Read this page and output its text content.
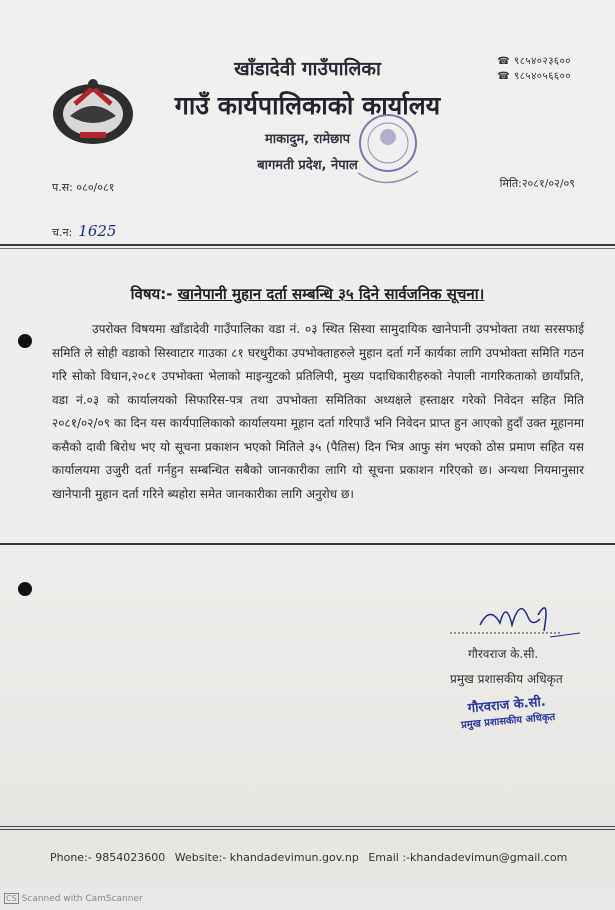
खाँडादेवी गाउँपालिका
गाउँ कार्यपालिकाको कार्यालय
माकादुम, रामेछाप
बागमती प्रदेश, नेपाल
☎ ९८५४०२३६००
☎ ९८५४०५६६००
प.स: ०८०/०८१	मिति:२०८१/०२/०९
च.न: 1625
विषय:- खानेपानी मुहान दर्ता सम्बन्धि ३५ दिने सार्वजनिक सूचना।
उपरोक्त विषयमा खाँडादेवी गाउँपालिका वडा नं. ०३ स्थित सिस्वा सामुदायिक खानेपानी उपभोक्ता तथा सरसफाई समिति ले सोही वडाको सिस्वाटार गाउका ८१ घरधुरीका उपभोक्ताहरुले मुहान दर्ता गर्ने कार्यका लागि उपभोक्ता समिति गठन गरि सोको विधान,२०८१ उपभोक्ता भेलाको माइन्युटको प्रतिलिपी, मुख्य पदाधिकारीहरुको नेपाली नागरिकताको छायाँप्रति, वडा नं.०३ को कार्यालयको सिफारिस-पत्र तथा उपभोक्ता समितिका अध्यक्षले हस्ताक्षर गरेको निवेदन सहित मिति २०८१/०२/०९ का दिन यस कार्यपालिकाको कार्यालयमा मूहान दर्ता गरिपाउँ भनि निवेदन प्राप्त हुन आएको हुदाँ उक्त मूहानमा कसैको दावी बिरोध भए यो सूचना प्रकाशन भएको मितिले ३५ (पैतिस) दिन भित्र आफु संग भएको ठोस प्रमाण सहित यस कार्यालयमा उजुरी दर्ता गर्नहुन सम्बन्धित सबैको जानकारीका लागि यो सूचना प्रकाशन गरिएको छ। अन्यथा नियमानुसार खानेपानी मुहान दर्ता गरिने ब्यहोरा समेत जानकारीका लागि अनुरोध छ।
गौरवराज के.सी.
प्रमुख प्रशासकीय अधिकृत
गौरवराज के.सी.
प्रमुख प्रशासकीय अधिकृत
Phone:- 9854023600 Website:- khandadevimun.gov.np Email :-khandadevimun@gmail.com
CS Scanned with CamScanner
